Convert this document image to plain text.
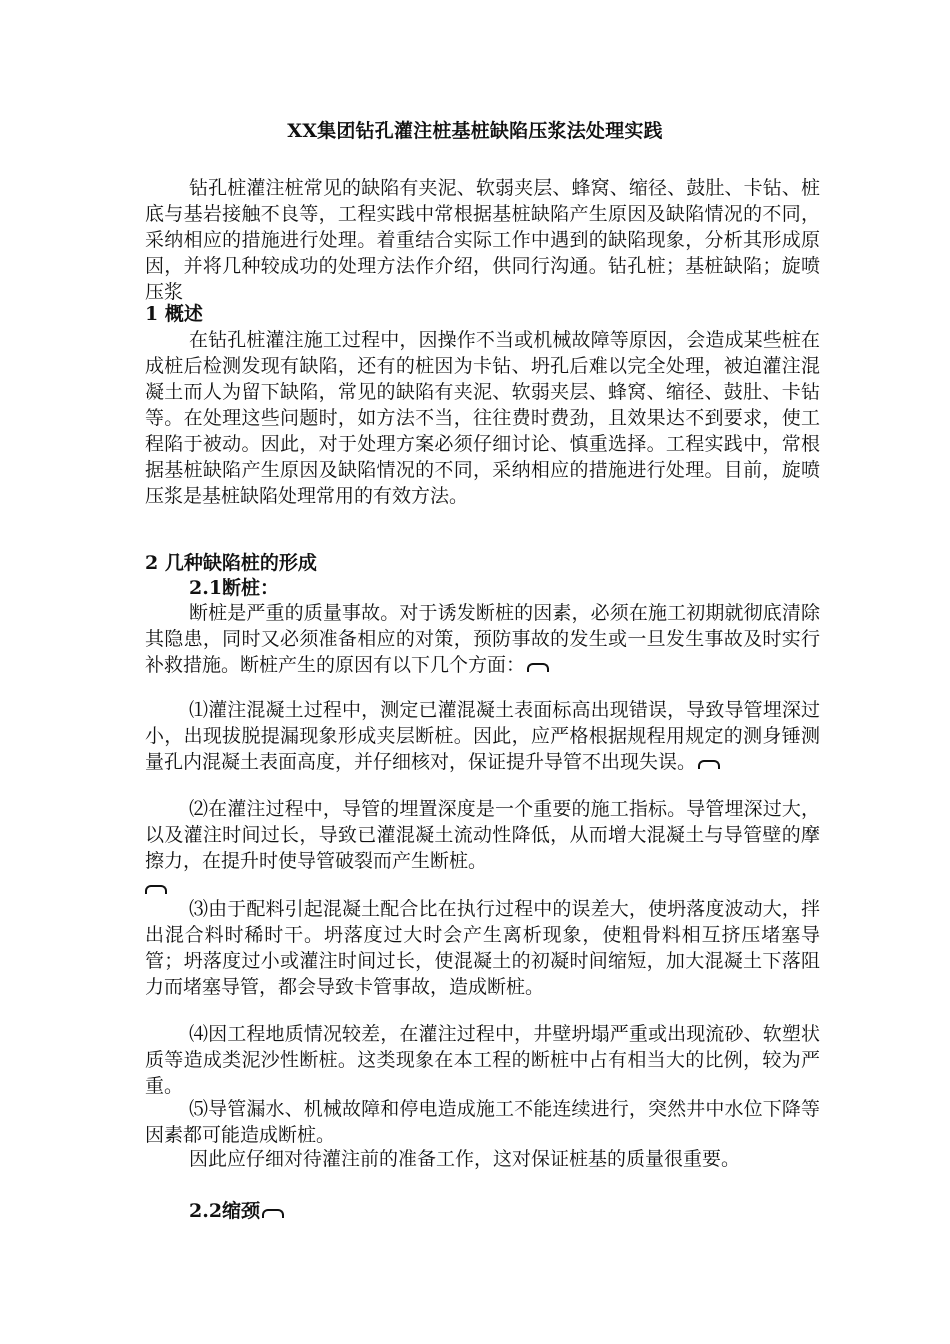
XX集团钻孔灌注桩基桩缺陷压浆法处理实践

钻孔桩灌注桩常见的缺陷有夹泥、软弱夹层、蜂窝、缩径、鼓肚、卡钻、桩底与基岩接触不良等，工程实践中常根据基桩缺陷产生原因及缺陷情况的不同，采纳相应的措施进行处理。着重结合实际工作中遇到的缺陷现象，分析其形成原因，并将几种较成功的处理方法作介绍，供同行沟通。钻孔桩；基桩缺陷；旋喷压浆

1 概述

在钻孔桩灌注施工过程中，因操作不当或机械故障等原因，会造成某些桩在成桩后检测发现有缺陷，还有的桩因为卡钻、坍孔后难以完全处理，被迫灌注混凝土而人为留下缺陷，常见的缺陷有夹泥、软弱夹层、蜂窝、缩径、鼓肚、卡钻等。在处理这些问题时，如方法不当，往往费时费劲，且效果达不到要求，使工程陷于被动。因此，对于处理方案必须仔细讨论、慎重选择。工程实践中，常根据基桩缺陷产生原因及缺陷情况的不同，采纳相应的措施进行处理。目前，旋喷压浆是基桩缺陷处理常用的有效方法。

2 几种缺陷桩的形成
2.1断桩：

断桩是严重的质量事故。对于诱发断桩的因素，必须在施工初期就彻底清除其隐患，同时又必须准备相应的对策，预防事故的发生或一旦发生事故及时实行补救措施。断桩产生的原因有以下几个方面：

⑴灌注混凝土过程中，测定已灌混凝土表面标高出现错误，导致导管埋深过小，出现拔脱提漏现象形成夹层断桩。因此，应严格根据规程用规定的测身锤测量孔内混凝土表面高度，并仔细核对，保证提升导管不出现失误。

⑵在灌注过程中，导管的埋置深度是一个重要的施工指标。导管埋深过大，以及灌注时间过长，导致已灌混凝土流动性降低，从而增大混凝土与导管壁的摩擦力，在提升时使导管破裂而产生断桩。

⑶由于配料引起混凝土配合比在执行过程中的误差大，使坍落度波动大，拌出混合料时稀时干。坍落度过大时会产生离析现象，使粗骨料相互挤压堵塞导管；坍落度过小或灌注时间过长，使混凝土的初凝时间缩短，加大混凝土下落阻力而堵塞导管，都会导致卡管事故，造成断桩。

⑷因工程地质情况较差，在灌注过程中，井壁坍塌严重或出现流砂、软塑状质等造成类泥沙性断桩。这类现象在本工程的断桩中占有相当大的比例，较为严重。

⑸导管漏水、机械故障和停电造成施工不能连续进行，突然井中水位下降等因素都可能造成断桩。

因此应仔细对待灌注前的准备工作，这对保证桩基的质量很重要。

2.2缩颈
